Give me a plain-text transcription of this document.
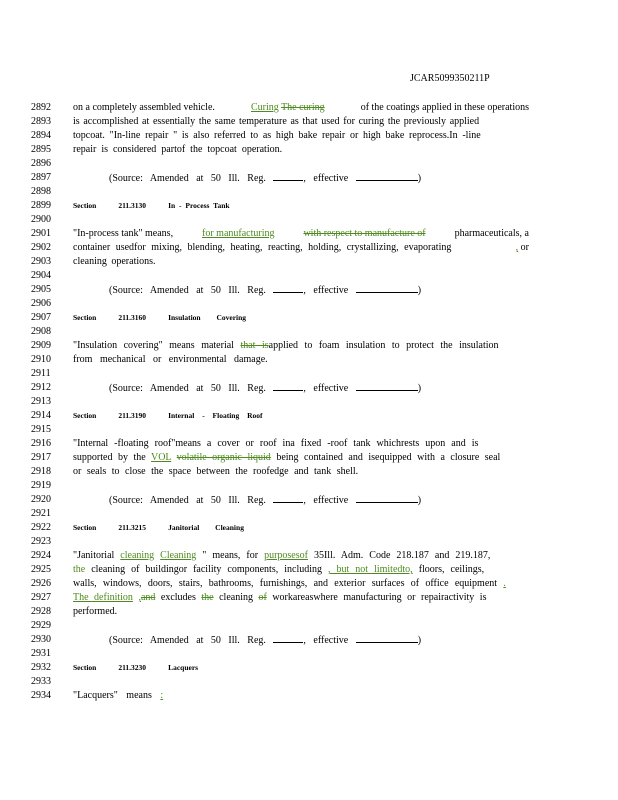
JCAR5099350211P
2892	on a completely assembled vehicle.	Curing The curing	of the coatings applied in these operations
2893	is accomplished at essentially the same temperature as that used for curing the previously applied
2894	topcoat. "In-line repair " is also referred to as high bake repair or high bake reprocess.In -line
2895	repair is considered partof the topcoat operation.
2896
2897	(Source: Amended at 50 Ill. Reg.	, effective	)
2898
2899	Section	211.3130	In - Process Tank
2900
2901	"In-process tank" means,	for manufacturing	with respect to manufacture of	pharmaceuticals, a
2902	container usedfor mixing, blending, heating, reacting, holding, crystallizing, evaporating	, or
2903	cleaning operations.
2904
2905	(Source: Amended at 50 Ill. Reg.	, effective	)
2906
2907	Section	211.3160	Insulation Covering
2908
2909	"Insulation covering" means material that isapplied to foam insulation to protect the insulation
2910	from mechanical or environmental damage.
2911
2912	(Source: Amended at 50 Ill. Reg.	, effective	)
2913
2914	Section	211.3190	Internal - Floating Roof
2915
2916	"Internal -floating roof"means a cover or roof ina fixed -roof tank whichrests upon and is
2917	supported by the VOL volatile organic liquid being contained and isequipped with a closure seal
2918	or seals to close the space between the roofedge and tank shell.
2919
2920	(Source: Amended at 50 Ill. Reg.	, effective	)
2921
2922	Section	211.3215	Janitorial Cleaning
2923
2924	"Janitorial cleaning Cleaning " means, for purposesof 35Ill. Adm. Code 218.187 and 219.187,
2925	the cleaning of buildingor facility components, including , but not limitedto, floors, ceilings,
2926	walls, windows, doors, stairs, bathrooms, furnishings, and exterior surfaces of office equipment .
2927	The definition ,and excludes the cleaning of workareaswhere manufacturing or repairactivity is
2928	performed.
2929
2930	(Source: Amended at 50 Ill. Reg.	, effective	)
2931
2932	Section	211.3230	Lacquers
2933
2934	"Lacquers" means :
